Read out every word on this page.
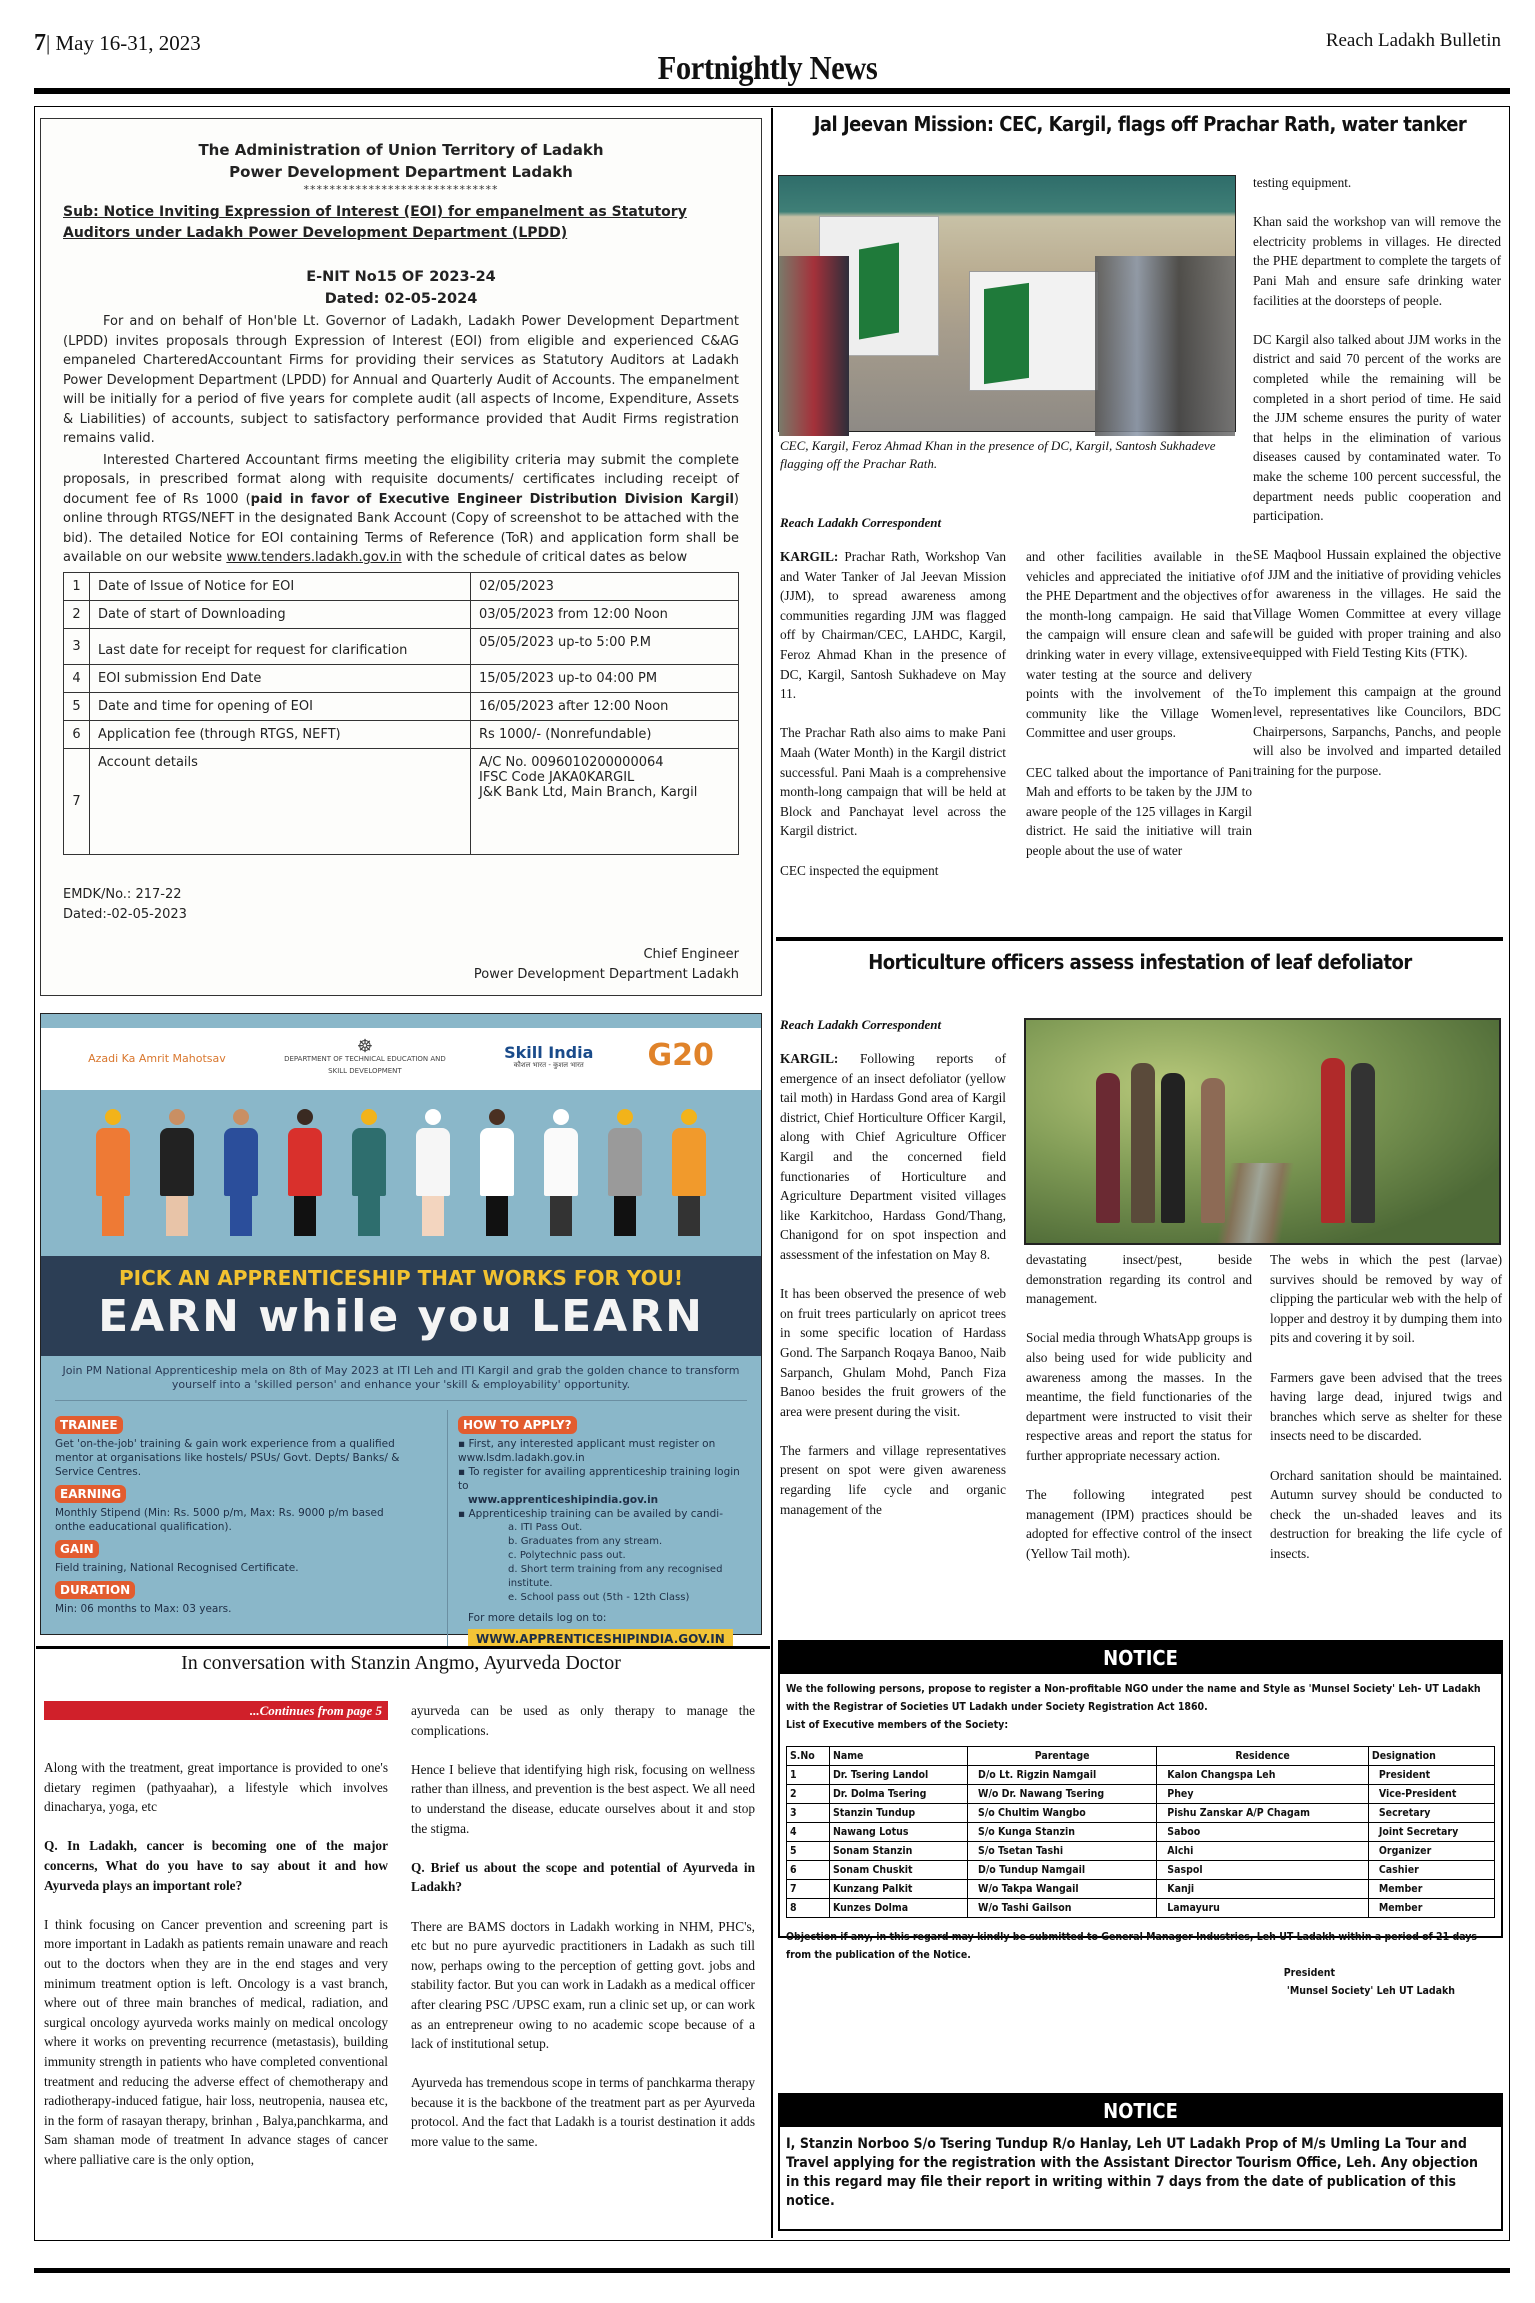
7| May 16-31, 2023	Reach Ladakh Bulletin
Fortnightly News
The Administration of Union Territory of Ladakh
Power Development Department Ladakh
******************************
Sub: Notice Inviting Expression of Interest (EOI) for empanelment as Statutory Auditors under Ladakh Power Development Department (LPDD)
E-NIT No15 OF 2023-24
Dated: 02-05-2024

For and on behalf of Hon'ble Lt. Governor of Ladakh, Ladakh Power Development Department (LPDD) invites proposals through Expression of Interest (EOI) from eligible and experienced C&AG empaneled CharteredAccountant Firms for providing their services as Statutory Auditors at Ladakh Power Development Department (LPDD) for Annual and Quarterly Audit of Accounts. The empanelment will be initially for a period of five years for complete audit (all aspects of Income, Expenditure, Assets & Liabilities) of accounts, subject to satisfactory performance provided that Audit Firms registration remains valid.

Interested Chartered Accountant firms meeting the eligibility criteria may submit the complete proposals, in prescribed format along with requisite documents/ certificates including receipt of document fee of Rs 1000 (paid in favor of Executive Engineer Distribution Division Kargil) online through RTGS/NEFT in the designated Bank Account (Copy of screenshot to be attached with the bid). The detailed Notice for EOI containing Terms of Reference (ToR) and application form shall be available on our website www.tenders.ladakh.gov.in with the schedule of critical dates as below

1	Date of Issue of Notice for EOI	02/05/2023
2	Date of start of Downloading	03/05/2023 from 12:00 Noon
3	Last date for receipt for request for clarification	05/05/2023 up-to 5:00 P.M
4	EOI submission End Date	15/05/2023 up-to 04:00 PM
5	Date and time for opening of EOI	16/05/2023 after 12:00 Noon
6	Application fee (through RTGS, NEFT)	Rs 1000/- (Nonrefundable)
7	Account details	A/C No. 0096010200000064
IFSC Code JAKA0KARGIL
J&K Bank Ltd, Main Branch, Kargil
EMDK/No.: 217-22
Dated:-02-05-2023
Chief Engineer
Power Development Department Ladakh
Azadi Ka Amrit Mahotsav
☸
DEPARTMENT OF TECHNICAL EDUCATION AND SKILL DEVELOPMENT
Skill India
कौशल भारत - कुशल भारत	G20
PICK AN APPRENTICESHIP THAT WORKS FOR YOU!
EARN while you LEARN
Join PM National Apprenticeship mela on 8th of May 2023 at ITI Leh and ITI Kargil and grab the golden chance to transform yourself into a 'skilled person' and enhance your 'skill & employability' opportunity.
TRAINEE
Get 'on-the-job' training & gain work experience from a qualified mentor at organisations like hostels/ PSUs/ Govt. Depts/ Banks/ & Service Centres.
EARNING
Monthly Stipend (Min: Rs. 5000 p/m, Max: Rs. 9000 p/m based onthe eaducational qualification).
GAIN
Field training, National Recognised Certificate.
DURATION
Min: 06 months to Max: 03 years.
HOW TO APPLY?
▪ First, any interested applicant must register on www.lsdm.ladakh.gov.in
▪ To register for availing apprenticeship training login to
www.apprenticeshipindia.gov.in
▪ Apprenticeship training can be availed by candi-
a. ITI Pass Out.
b. Graduates from any stream.
c. Polytechnic pass out.
d. Short term training from any recognised institute.
e. School pass out (5th - 12th Class)
For more details log on to:
WWW.APPRENTICESHIPINDIA.GOV.IN
Jal Jeevan Mission: CEC, Kargil, flags off Prachar Rath, water tanker
CEC, Kargil, Feroz Ahmad Khan in the presence of DC, Kargil, Santosh Sukhadeve flagging off the Prachar Rath.
Reach Ladakh Correspondent

KARGIL: Prachar Rath, Workshop Van and Water Tanker of Jal Jeevan Mission (JJM), to spread awareness among communities regarding JJM was flagged off by Chairman/CEC, LAHDC, Kargil, Feroz Ahmad Khan in the presence of DC, Kargil, Santosh Sukhadeve on May 11.

The Prachar Rath also aims to make Pani Maah (Water Month) in the Kargil district successful. Pani Maah is a comprehensive month-long campaign that will be held at Block and Panchayat level across the Kargil district.

CEC inspected the equipment

and other facilities available in the vehicles and appreciated the initiative of the PHE Department and the objectives of the month-long campaign. He said that the campaign will ensure clean and safe drinking water in every village, extensive water testing at the source and delivery points with the involvement of the community like the Village Women Committee and user groups.

CEC talked about the importance of Pani Mah and efforts to be taken by the JJM to aware people of the 125 villages in Kargil district. He said the initiative will train people about the use of water

testing equipment.

Khan said the workshop van will remove the electricity problems in villages. He directed the PHE department to complete the targets of Pani Mah and ensure safe drinking water facilities at the doorsteps of people.

DC Kargil also talked about JJM works in the district and said 70 percent of the works are completed while the remaining will be completed in a short period of time. He said the JJM scheme ensures the purity of water that helps in the elimination of various diseases caused by contaminated water. To make the scheme 100 percent successful, the department needs public cooperation and participation.

SE Maqbool Hussain explained the objective of JJM and the initiative of providing vehicles for awareness in the villages. He said the Village Women Committee at every village will be guided with proper training and also equipped with Field Testing Kits (FTK).

To implement this campaign at the ground level, representatives like Councilors, BDC Chairpersons, Sarpanchs, Panchs, and people will also be involved and imparted detailed training for the purpose.

Horticulture officers assess infestation of leaf defoliator
Reach Ladakh Correspondent

KARGIL: Following reports of emergence of an insect defoliator (yellow tail moth) in Hardass Gond area of Kargil district, Chief Horticulture Officer Kargil, along with Chief Agriculture Officer Kargil and the concerned field functionaries of Horticulture and Agriculture Department visited villages like Karkitchoo, Hardass Gond/Thang, Chanigond for on spot inspection and assessment of the infestation on May 8.

It has been observed the presence of web on fruit trees particularly on apricot trees in some specific location of Hardass Gond. The Sarpanch Roqaya Banoo, Naib Sarpanch, Ghulam Mohd, Panch Fiza Banoo besides the fruit growers of the area were present during the visit.

The farmers and village representatives present on spot were given awareness regarding life cycle and organic management of the

devastating insect/pest, beside demonstration regarding its control and management.

Social media through WhatsApp groups is also being used for wide publicity and awareness among the masses. In the meantime, the field functionaries of the department were instructed to visit their respective areas and report the status for further appropriate necessary action.

The following integrated pest management (IPM) practices should be adopted for effective control of the insect (Yellow Tail moth).

The webs in which the pest (larvae) survives should be removed by way of clipping the particular web with the help of lopper and destroy it by dumping them into pits and covering it by soil.

Farmers gave been advised that the trees having large dead, injured twigs and branches which serve as shelter for these insects need to be discarded.

Orchard sanitation should be maintained. Autumn survey should be conducted to check the un-shaded leaves and its destruction for breaking the life cycle of insects.

NOTICE
We the following persons, propose to register a Non-profitable NGO under the name and Style as 'Munsel Society' Leh- UT Ladakh with the Registrar of Societies UT Ladakh under Society Registration Act 1860.
List of Executive members of the Society:
S.No	Name	Parentage	Residence	Designation
1	Dr. Tsering Landol	D/o Lt. Rigzin Namgail	Kalon Changspa Leh	President
2	Dr. Dolma Tsering	W/o Dr. Nawang Tsering	Phey	Vice-President
3	Stanzin Tundup	S/o Chultim Wangbo	Pishu Zanskar A/P Chagam	Secretary
4	Nawang Lotus	S/o Kunga Stanzin	Saboo	Joint Secretary
5	Sonam Stanzin	S/o Tsetan Tashi	Alchi	Organizer
6	Sonam Chuskit	D/o Tundup Namgail	Saspol	Cashier
7	Kunzang Palkit	W/o Takpa Wangail	Kanji	Member
8	Kunzes Dolma	W/o Tashi Gailson	Lamayuru	Member
Objection if any, in this regard may kindly be submitted to General Manager Industries, Leh UT Ladakh within a period of 21 days from the publication of the Notice.
President
'Munsel Society' Leh UT Ladakh
NOTICE
I, Stanzin Norboo S/o Tsering Tundup R/o Hanlay, Leh UT Ladakh Prop of M/s Umling La Tour and Travel applying for the registration with the Assistant Director Tourism Office, Leh. Any objection in this regard may file their report in writing within 7 days from the date of publication of this notice.
In conversation with Stanzin Angmo, Ayurveda Doctor
...Continues from page 5

Along with the treatment, great importance is provided to one's dietary regimen (pathyaahar), a lifestyle which involves dinacharya, yoga, etc

Q. In Ladakh, cancer is becoming one of the major concerns, What do you have to say about it and how Ayurveda plays an important role?

I think focusing on Cancer prevention and screening part is more important in Ladakh as patients remain unaware and reach out to the doctors when they are in the end stages and very minimum treatment option is left. Oncology is a vast branch, where out of three main branches of medical, radiation, and surgical oncology ayurveda works mainly on medical oncology where it works on preventing recurrence (metastasis), building immunity strength in patients who have completed conventional treatment and reducing the adverse effect of chemotherapy and radiotherapy-induced fatigue, hair loss, neutropenia, nausea etc, in the form of rasayan therapy, brinhan , Balya,panchkarma, and Sam shaman mode of treatment In advance stages of cancer where palliative care is the only option,

ayurveda can be used as only therapy to manage the complications.

Hence I believe that identifying high risk, focusing on wellness rather than illness, and prevention is the best aspect. We all need to understand the disease, educate ourselves about it and stop the stigma.

Q. Brief us about the scope and potential of Ayurveda in Ladakh?

There are BAMS doctors in Ladakh working in NHM, PHC's, etc but no pure ayurvedic practitioners in Ladakh as such till now, perhaps owing to the perception of getting govt. jobs and stability factor. But you can work in Ladakh as a medical officer after clearing PSC /UPSC exam, run a clinic set up, or can work as an entrepreneur owing to no academic scope because of a lack of institutional setup.

Ayurveda has tremendous scope in terms of panchkarma therapy because it is the backbone of the treatment part as per Ayurveda protocol. And the fact that Ladakh is a tourist destination it adds more value to the same.
